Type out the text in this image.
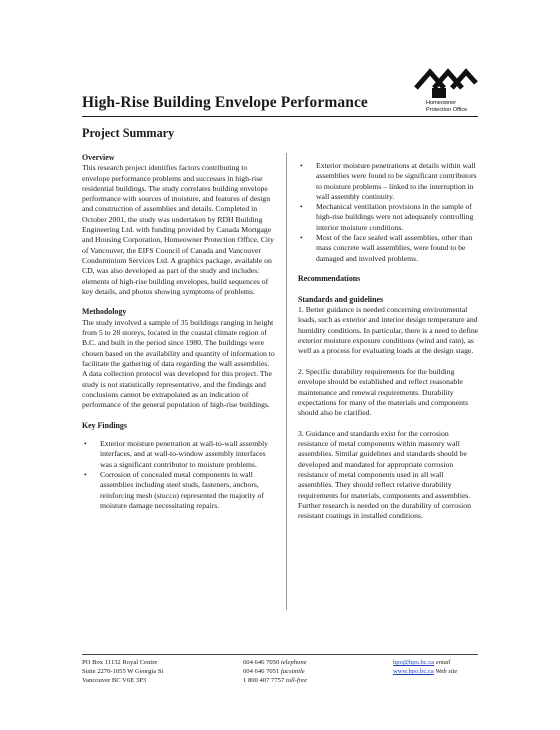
Homeowner
Protection Office
High-Rise Building Envelope Performance
Project Summary
Overview

This research project identifies factors contributing to envelope performance problems and successes in high-rise residential buildings. The study correlates building envelope performance with sources of moisture, and features of design and construction of assemblies and details. Completed in October 2001, the study was undertaken by RDH Building Engineering Ltd. with funding provided by Canada Mortgage and Housing Corporation, Homeowner Protection Office, City of Vancouver, the EIFS Council of Canada and Vancouver Condominium Services Ltd. A graphics package, available on CD, was also developed as part of the study and includes: elements of high-rise building envelopes, build sequences of key details, and photos showing symptoms of problems.

Methodology

The study involved a sample of 35 buildings ranging in height from 5 to 28 storeys, located in the coastal climate region of B.C. and built in the period since 1980. The buildings were chosen based on the availability and quantity of information to facilitate the gathering of data regarding the wall assemblies. A data collection protocol was developed for this project. The study is not statistically representative, and the findings and conclusions cannot be extrapolated as an indication of performance of the general population of high-rise buildings.

Key Findings
• Exterior moisture penetration at wall-to-wall assembly interfaces, and at wall-to-window assembly interfaces was a significant contributor to moisture problems.
• Corrosion of concealed metal components in wall assemblies including steel studs, fasteners, anchors, reinforcing mesh (stucco) represented the majority of moisture damage necessitating repairs.
• Exterior moisture penetrations at details within wall assemblies were found to be significant contributors to moisture problems – linked to the interruption in wall assembly continuity.
• Mechanical ventilation provisions in the sample of high-rise buildings were not adequately controlling interior moisture conditions.
• Most of the face sealed wall assemblies, other than mass concrete wall assemblies, were found to be damaged and involved problems.
Recommendations
Standards and guidelines

1. Better guidance is needed concerning environmental loads, such as exterior and interior design temperature and humidity conditions. In particular, there is a need to define exterior moisture exposure conditions (wind and rain), as well as a process for evaluating loads at the design stage.

2. Specific durability requirements for the building envelope should be established and reflect reasonable maintenance and renewal requirements. Durability expectations for many of the materials and components should also be clarified.

3. Guidance and standards exist for the corrosion resistance of metal components within masonry wall assemblies. Similar guidelines and standards should be developed and mandated for appropriate corrosion resistance of metal components used in all wall assemblies. They should reflect relative durability requirements for materials, components and assemblies. Further research is needed on the durability of corrosion resistant coatings in installed conditions.

PO Box 11132 Royal Centre
Suite 2270-1055 W Georgia St
Vancouver BC V6E 3P3
604 646 7050 telephone
604 646 7051 facsimile
1 800 407 7757 toll-free
hpo@hpo.bc.ca email
www.hpo.bc.ca Web site
